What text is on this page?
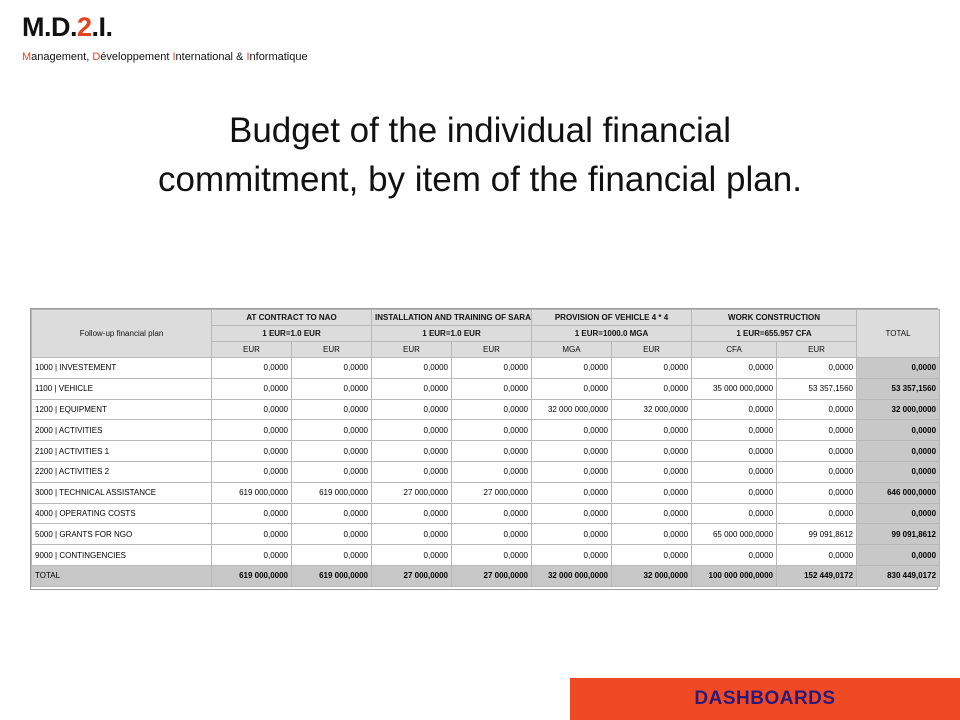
M.D.2.I.
Management, Développement International & Informatique
Budget of the individual financial
commitment, by item of the financial plan.
Follow-up financial plan	AT CONTRACT TO NAO		INSTALLATION AND TRAINING OF SARA		PROVISION OF VEHICLE 4 * 4		WORK CONSTRUCTION		TOTAL
	1 EUR=1.0 EUR		1 EUR=1.0 EUR		1 EUR=1000.0 MGA		1 EUR=655.957 CFA		
	EUR	EUR	EUR	EUR	MGA	EUR	CFA	EUR	
1000 | INVESTEMENT	0,0000	0,0000	0,0000	0,0000	0,0000	0,0000	0,0000	0,0000	0,0000
1100 | VEHICLE	0,0000	0,0000	0,0000	0,0000	0,0000	0,0000	35 000 000,0000	53 357,1560	53 357,1560
1200 | EQUIPMENT	0,0000	0,0000	0,0000	0,0000	32 000 000,0000	32 000,0000	0,0000	0,0000	32 000,0000
2000 | ACTIVITIES	0,0000	0,0000	0,0000	0,0000	0,0000	0,0000	0,0000	0,0000	0,0000
2100 | ACTIVITIES 1	0,0000	0,0000	0,0000	0,0000	0,0000	0,0000	0,0000	0,0000	0,0000
2200 | ACTIVITIES 2	0,0000	0,0000	0,0000	0,0000	0,0000	0,0000	0,0000	0,0000	0,0000
3000 | TECHNICAL ASSISTANCE	619 000,0000	619 000,0000	27 000,0000	27 000,0000	0,0000	0,0000	0,0000	0,0000	646 000,0000
4000 | OPERATING COSTS	0,0000	0,0000	0,0000	0,0000	0,0000	0,0000	0,0000	0,0000	0,0000
5000 | GRANTS FOR NGO	0,0000	0,0000	0,0000	0,0000	0,0000	0,0000	65 000 000,0000	99 091,8612	99 091,8612
9000 | CONTINGENCIES	0,0000	0,0000	0,0000	0,0000	0,0000	0,0000	0,0000	0,0000	0,0000
TOTAL	619 000,0000	619 000,0000	27 000,0000	27 000,0000	32 000 000,0000	32 000,0000	100 000 000,0000	152 449,0172	830 449,0172
DASHBOARDS
